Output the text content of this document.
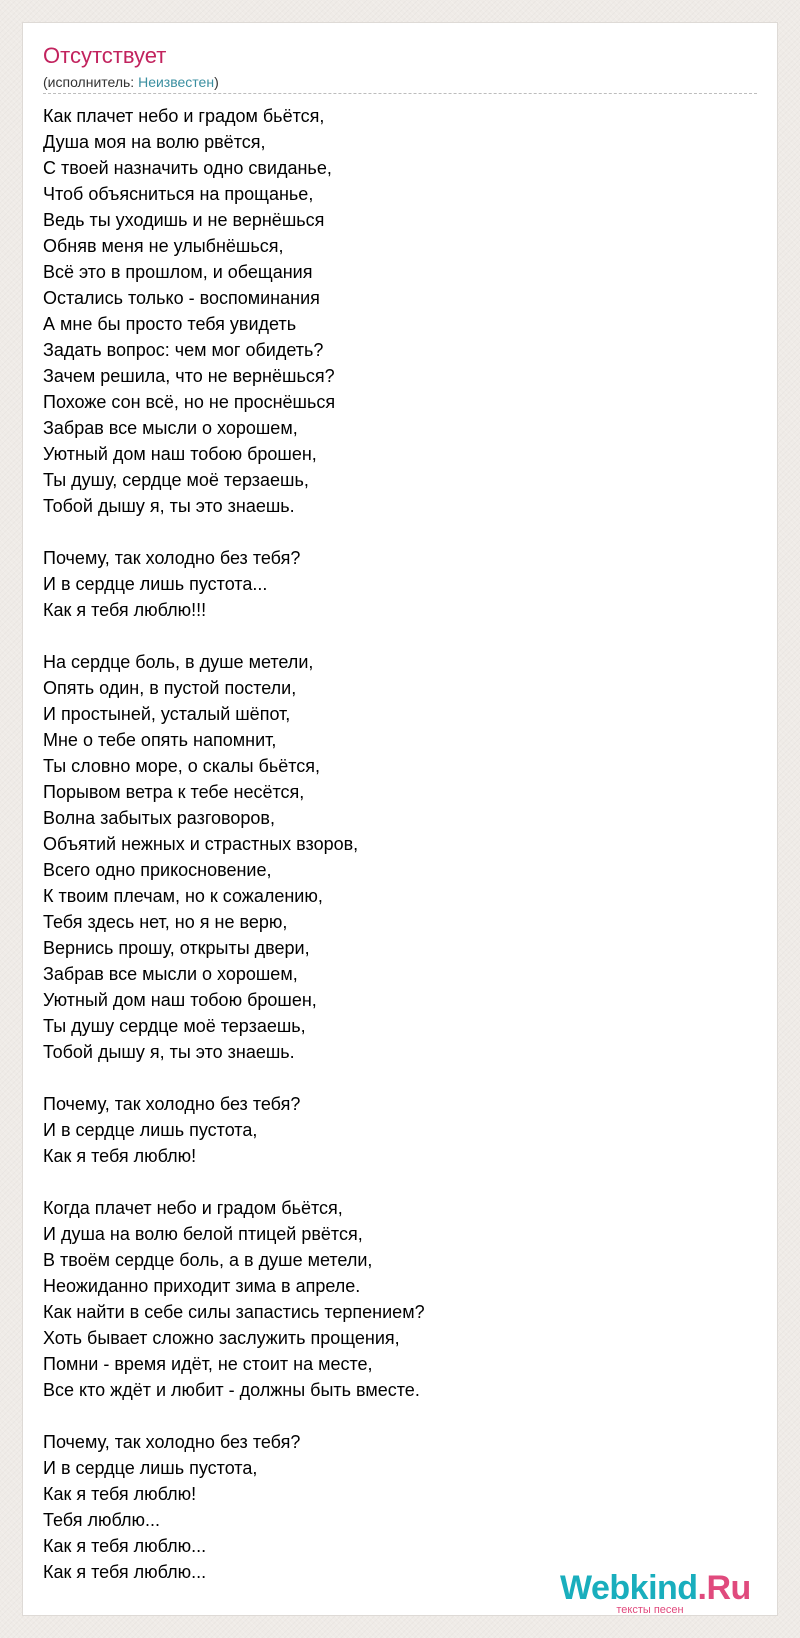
Отсутствует
(исполнитель: Неизвестен)
Как плачет небо и градом бьётся,
Душа моя на волю рвётся,
С твоей назначить одно свиданье,
Чтоб объясниться на прощанье,
Ведь ты уходишь и не вернёшься
Обняв меня не улыбнёшься,
Всё это в прошлом, и обещания
Остались только - воспоминания
А мне бы просто тебя увидеть
Задать вопрос: чем мог обидеть?
Зачем решила, что не вернёшься?
Похоже сон всё, но не проснёшься
Забрав все мысли о хорошем,
Уютный дом наш тобою брошен,
Ты душу, сердце моё терзаешь,
Тобой дышу я, ты это знаешь.

Почему, так холодно без тебя?
И в сердце лишь пустота...
Как я тебя люблю!!!

На сердце боль, в душе метели,
Опять один, в пустой постели,
И простыней, усталый шёпот,
Мне о тебе опять напомнит,
Ты словно море, о скалы бьётся,
Порывом ветра к тебе несётся,
Волна забытых разговоров,
Объятий нежных и страстных взоров,
Всего одно прикосновение,
К твоим плечам, но к сожалению,
Тебя здесь нет, но я не верю,
Вернись прошу, открыты двери,
Забрав все мысли о хорошем,
Уютный дом наш тобою брошен,
Ты душу сердце моё терзаешь,
Тобой дышу я, ты это знаешь.

Почему, так холодно без тебя?
И в сердце лишь пустота,
Как я тебя люблю!

Когда плачет небо и градом бьётся,
И душа на волю белой птицей рвётся,
В твоём сердце боль, а в душе метели,
Неожиданно приходит зима в апреле.
Как найти в себе силы запастись терпением?
Хоть бывает сложно заслужить прощения,
Помни - время идёт, не стоит на месте,
Все кто ждёт и любит - должны быть вместе.

Почему, так холодно без тебя?
И в сердце лишь пустота,
Как я тебя люблю!
Тебя люблю...
Как я тебя люблю...
Как я тебя люблю...	Webkind.Ru
тексты песен
